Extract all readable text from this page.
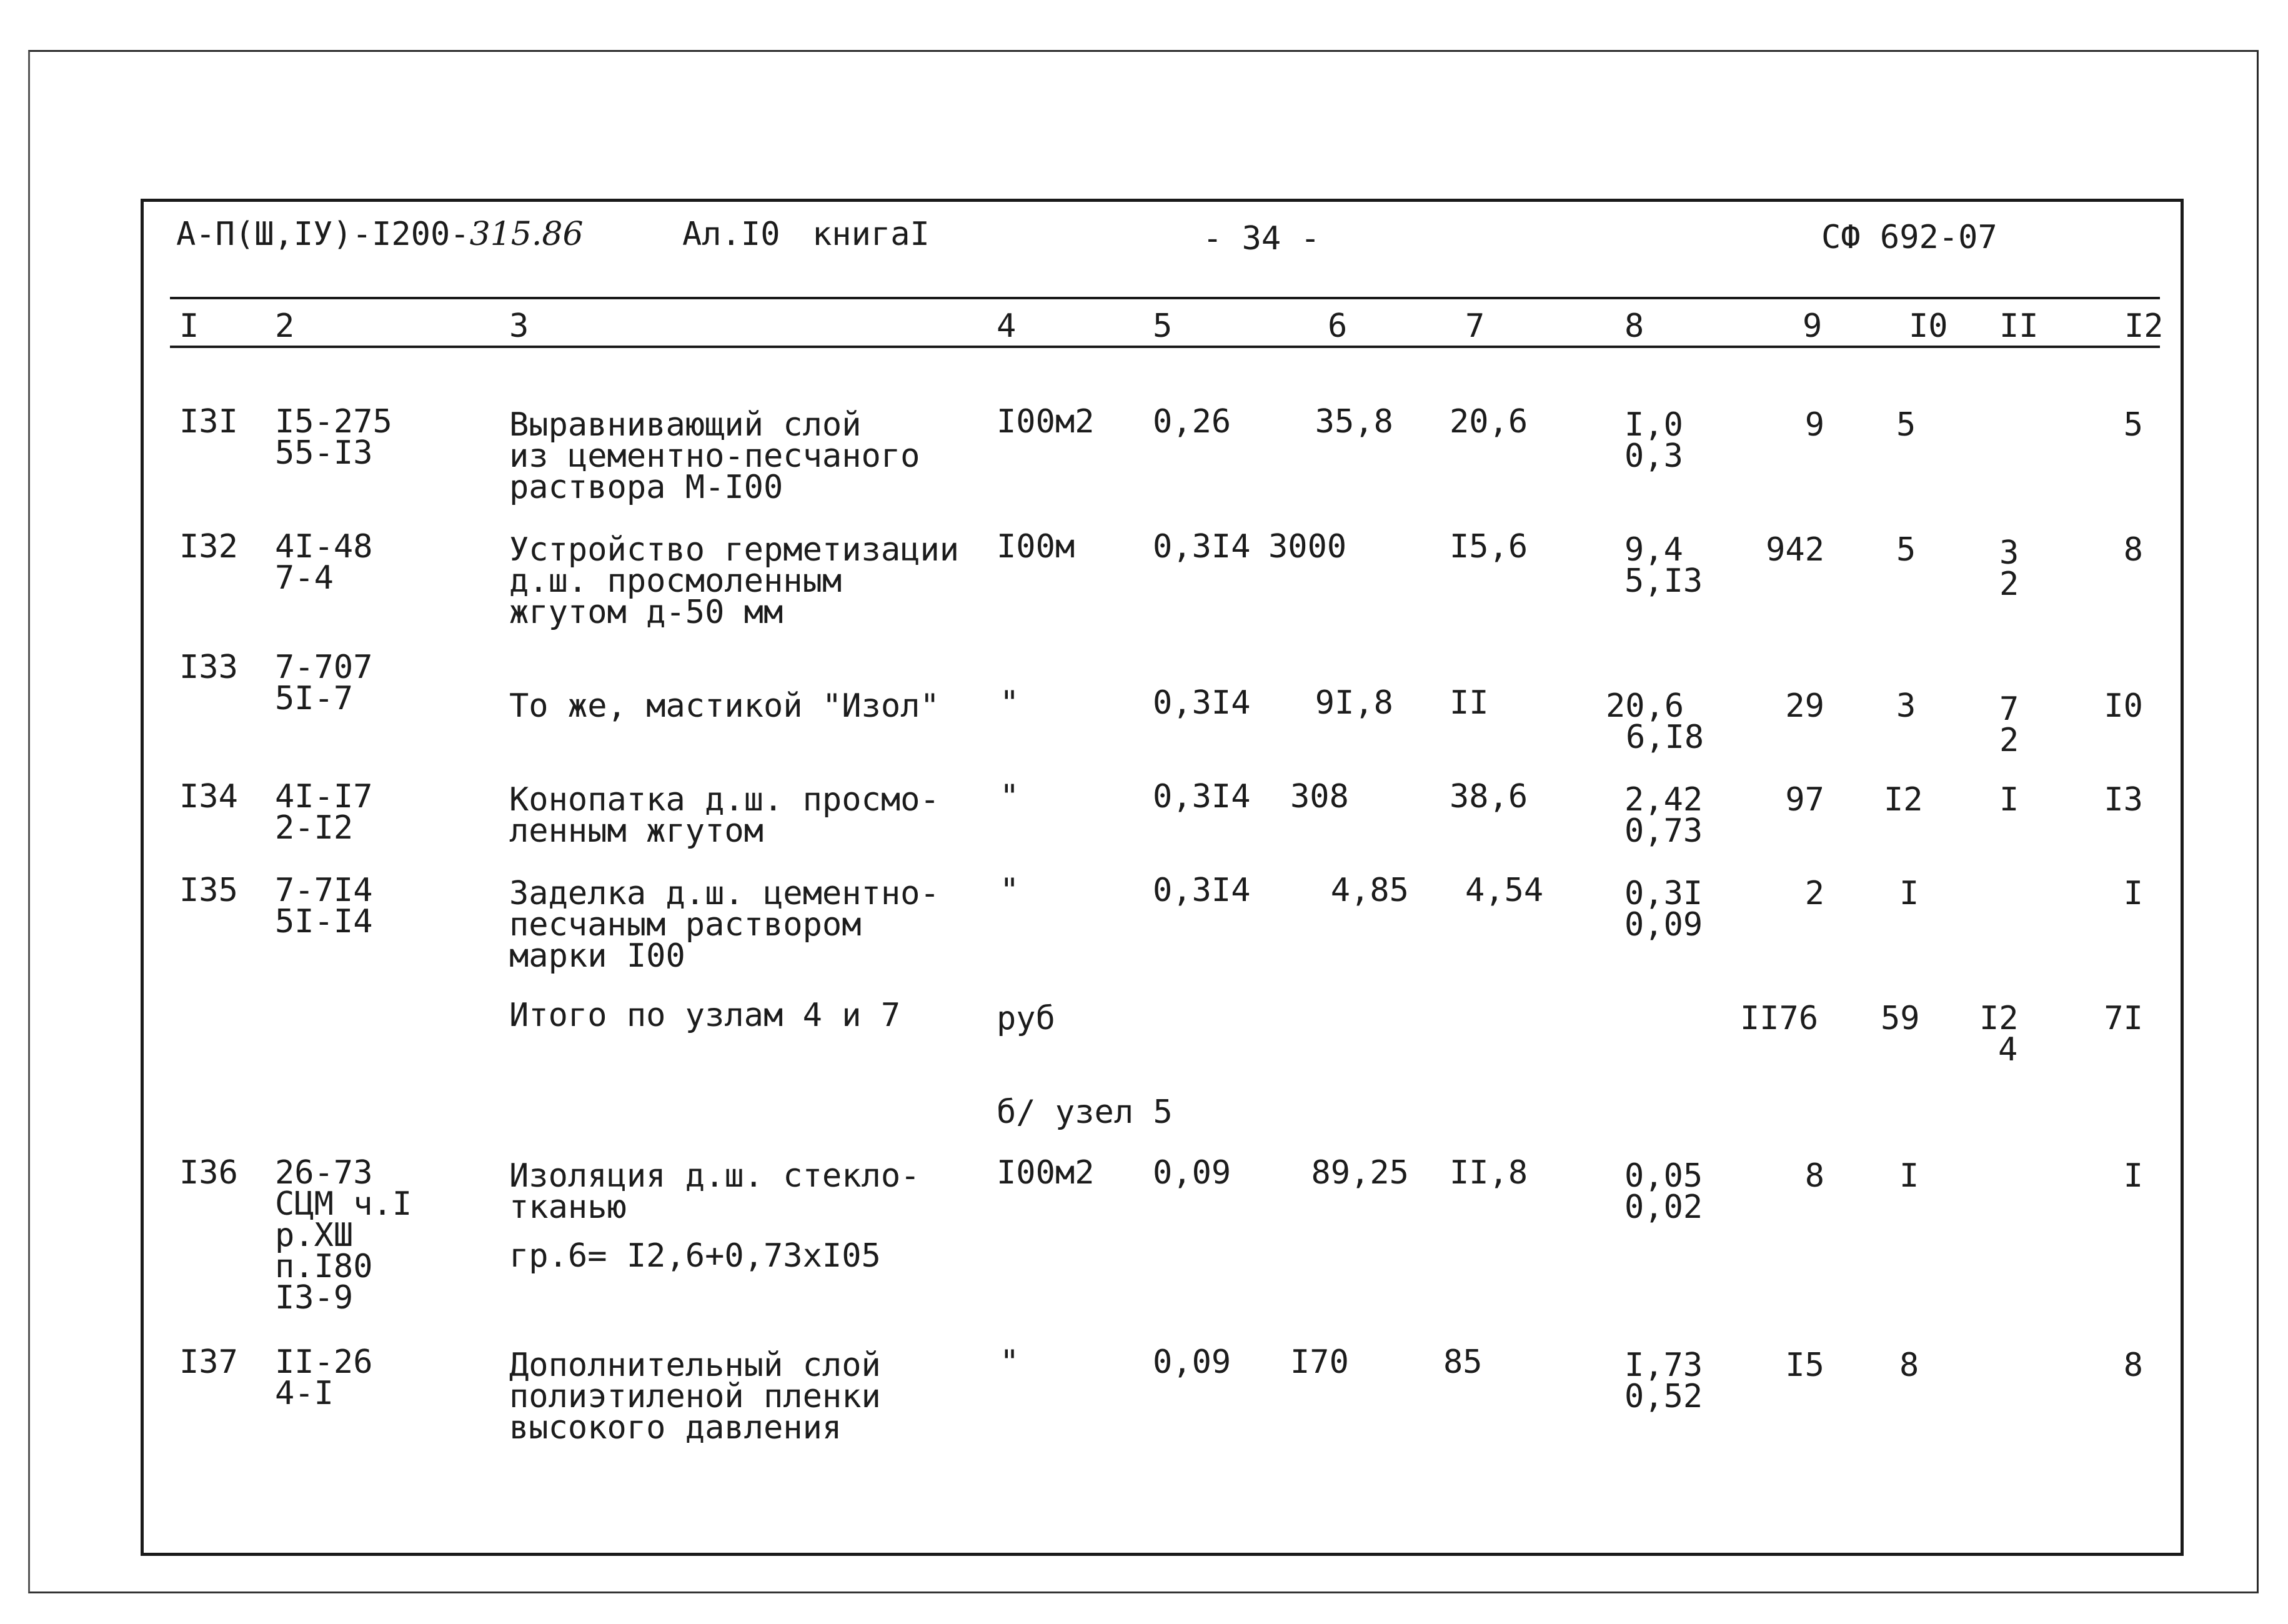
А-П(Ш,IУ)-I200-315.86	Ал.I0 книгаI	- 34 -	СФ 692-07
I 2	3	4	5	6	7	8	9	I0 II	I2
I3I I5-275
55-I3
Выравнивающий слой
из цементно-песчаного
раствора М-I00
I00м2 0,26	35,8 20,6	I,0
0,3
9 5	5
I32 4I-48
7-4
Устройство герметизации
д.ш. просмоленным
жгутом д-50 мм
I00м 0,3I4 3000	I5,6	9,4
5,I3
942 5	3
2
8
I33 7-707
5I-7	То же, мастикой "Изол" "	0,3I4	9I,8 II	20,6
6,I8
29 3	7
2
I0
I34 4I-I7
2-I2
Конопатка д.ш. просмо-
ленным жгутом
"	0,3I4 308	38,6	2,42
0,73
97 I2 I	I3
I35 7-7I4
5I-I4
Заделка д.ш. цементно-
песчаным раствором
марки I00
"	0,3I4	4,85 4,54 0,3I
0,09
2 I	I
Итого по узлам 4 и 7	руб	II76 59 I2
4
7I
б/ узел 5
I36 26-73
СЦМ ч.I
р.ХШ
п.I80
I3-9
Изоляция д.ш. стекло-
тканью
гр.6= I2,6+0,73хI05
I00м2 0,09	89,25 II,8	0,05
0,02
8 I	I
I37 II-26
4-I
Дополнительный слой
полиэтиленой пленки
высокого давления
"	0,09 I70	85	I,73
0,52
I5 8	8
